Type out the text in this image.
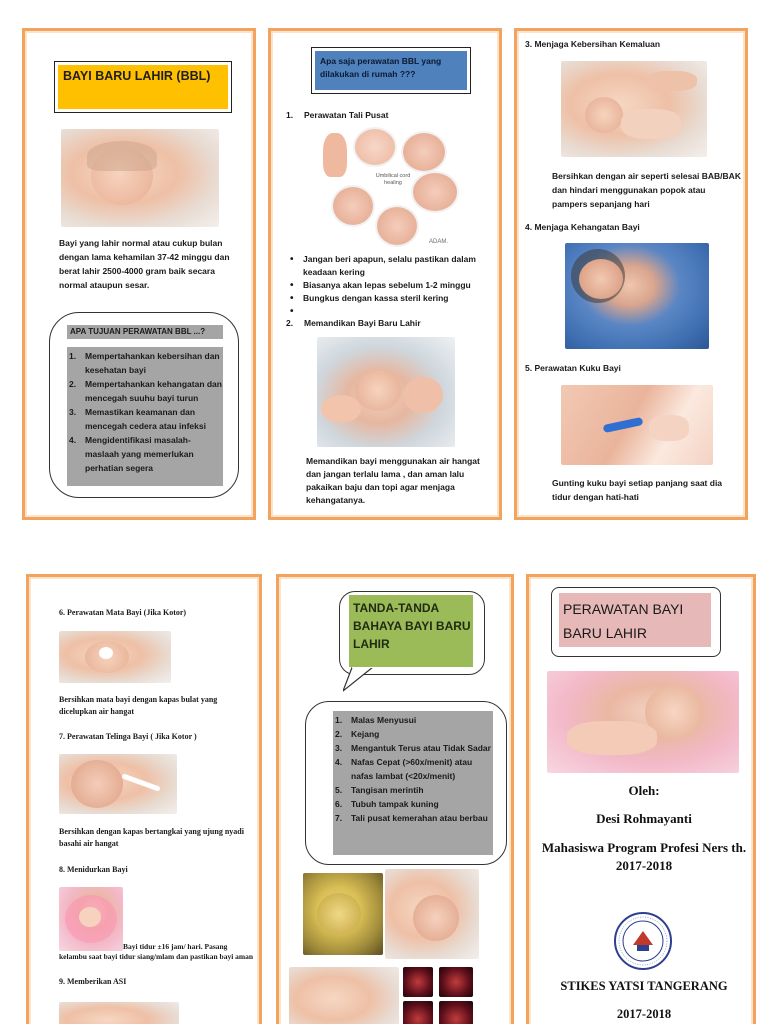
BAYI BARU LAHIR (BBL)
Bayi yang lahir normal atau cukup bulan dengan lama kehamilan 37-42 minggu dan berat lahir 2500-4000 gram baik secara normal ataupun sesar.
APA TUJUAN PERAWATAN BBL ...?
1. Mempertahankan kebersihan dan kesehatan bayi
2. Mempertahankan kehangatan dan mencegah suuhu bayi turun
3. Memastikan keamanan dan mencegah cedera atau infeksi
4. Mengidentifikasi masalah-maslaah yang memerlukan perhatian segera
Apa saja perawatan BBL yang dilakukan di rumah ???
1. Perawatan Tali Pusat
Umbilical cord healing
ADAM.
• Jangan beri apapun, selalu pastikan dalam keadaan kering
• Biasanya akan lepas sebelum 1-2 minggu
• Bungkus dengan kassa steril kering
•
2. Memandikan Bayi Baru Lahir
Memandikan bayi menggunakan air hangat dan jangan terlalu lama , dan aman lalu pakaikan baju dan topi agar menjaga kehangatanya.
3. Menjaga Kebersihan Kemaluan
Bersihkan dengan air seperti selesai BAB/BAK dan hindari menggunakan popok atau pampers sepanjang hari
4. Menjaga Kehangatan Bayi
5. Perawatan Kuku Bayi
Gunting kuku bayi setiap panjang saat dia tidur dengan hati-hati
6. Perawatan Mata Bayi (Jika Kotor)
Bersihkan mata bayi dengan kapas bulat yang dicelupkan air hangat
7. Perawatan Telinga Bayi ( Jika Kotor )
Bersihkan dengan kapas bertangkai yang ujung nyadi basahi air hangat
8. Menidurkan Bayi
Bayi tidur ±16 jam/ hari. Pasang
kelambu saat bayi tidur siang/mlam dan pastikan bayi aman
9. Memberikan ASI
TANDA-TANDA BAHAYA BAYI BARU LAHIR
1. Malas Menyusui
2. Kejang
3. Mengantuk Terus atau Tidak Sadar
4. Nafas Cepat (>60x/menit) atau nafas lambat (<20x/menit)
5. Tangisan merintih
6. Tubuh tampak kuning
7. Tali pusat kemerahan atau berbau
PERAWATAN BAYI BARU LAHIR
Oleh:
Desi Rohmayanti
Mahasiswa Program Profesi Ners th. 2017-2018
STIKES YATSI TANGERANG
2017-2018
